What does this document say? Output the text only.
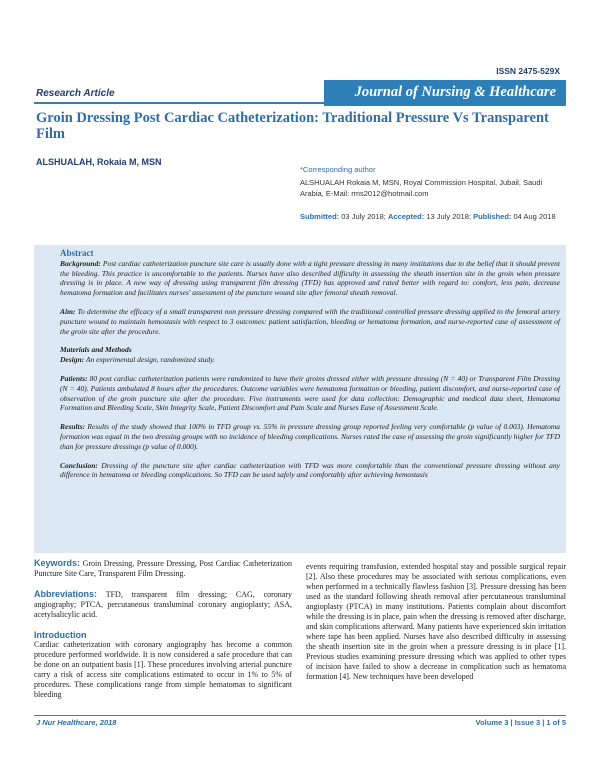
ISSN 2475-529X
Research Article	Journal of Nursing & Healthcare
Groin Dressing Post Cardiac Catheterization: Traditional Pressure Vs Transparent Film
ALSHUALAH, Rokaia M, MSN
*Corresponding author
ALSHUALAH Rokaia M, MSN, Royal Commission Hospital, Jubail, Saudi Arabia, E-Mail: rms2012@hotmail.com
Submitted: 03 July 2018; Accepted: 13 July 2018; Published: 04 Aug 2018
Abstract

Background: Post cardiac catheterization puncture site care is usually done with a tight pressure dressing in many institutions due to the belief that it should prevent the bleeding. This practice is uncomfortable to the patients. Nurses have also described difficulty in assessing the sheath insertion site in the groin when pressure dressing is in place. A new way of dressing using transparent film dressing (TFD) has approved and rated better with regard to: comfort, less pain, decrease hematoma formation and facilitates nurses' assessment of the puncture wound site after femoral sheath removal.

Aim: To determine the efficacy of a small transparent non pressure dressing compared with the traditional controlled pressure dressing applied to the femoral artery puncture wound to maintain hemostasis with respect to 3 outcomes: patient satisfaction, bleeding or hematoma formation, and nurse-reported case of assessment of the groin site after the procedure.

Materials and Methods

Design: An experimental design, randomized study.

Patients: 80 post cardiac catheterization patients were randomized to have their groins dressed either with pressure dressing (N = 40) or Transparent Film Dressing (N = 40). Patients ambulated 8 hours after the procedures. Outcome variables were hematoma formation or bleeding, patient discomfort, and nurse-reported case of observation of the groin puncture site after the procedure. Five instruments were used for data collection: Demographic and medical data sheet, Hematoma Formation and Bleeding Scale, Skin Integrity Scale, Patient Discomfort and Pain Scale and Nurses Ease of Assessment Scale.

Results: Results of the study showed that 100% in TFD group vs. 55% in pressure dressing group reported feeling very comfortable (p value of 0.003). Hematoma formation was equal in the two dressing groups with no incidence of bleeding complications. Nurses rated the case of assessing the groin significantly higher for TFD than for pressure dressings (p value of 0.000).

Conclusion: Dressing of the puncture site after cardiac catheterization with TFD was more comfortable than the conventional pressure dressing without any difference in hematoma or bleeding complications. So TFD can be used safely and comfortably after achieving hemostasis

Keywords: Groin Dressing, Pressure Dressing, Post Cardiac Catheterization Puncture Site Care, Transparent Film Dressing.

Abbreviations: TFD, transparent film dressing; CAG, coronary angiography; PTCA, percutaneous transluminal coronary angioplasty; ASA, acetylsalicylic acid.

Introduction

Cardiac catheterization with coronary angiography has become a common procedure performed worldwide. It is now considered a safe procedure that can be done on an outpatient basis [1]. These procedures involving arterial puncture carry a risk of access site complications estimated to occur in 1% to 5% of procedures. These complications range from simple hematomas to significant bleeding

events requiring transfusion, extended hospital stay and possible surgical repair [2]. Also these procedures may be associated with serious complications, even when performed in a technically flawless fashion [3]. Pressure dressing has been used as the standard following sheath removal after percutaneous transluminal angioplasty (PTCA) in many institutions. Patients complain about discomfort while the dressing is in place, pain when the dressing is removed after discharge, and skin complications afterward. Many patients have experienced skin irritation where tape has been applied. Nurses have also described difficulty in assessing the sheath insertion site in the groin when a pressure dressing is in place [1]. Previous studies examining pressure dressing which was applied to other types of incision have failed to show a decrease in complication such as hematoma formation [4]. New techniques have been developed
J Nur Healthcare, 2018	Volume 3 | Issue 3 | 1 of 5
